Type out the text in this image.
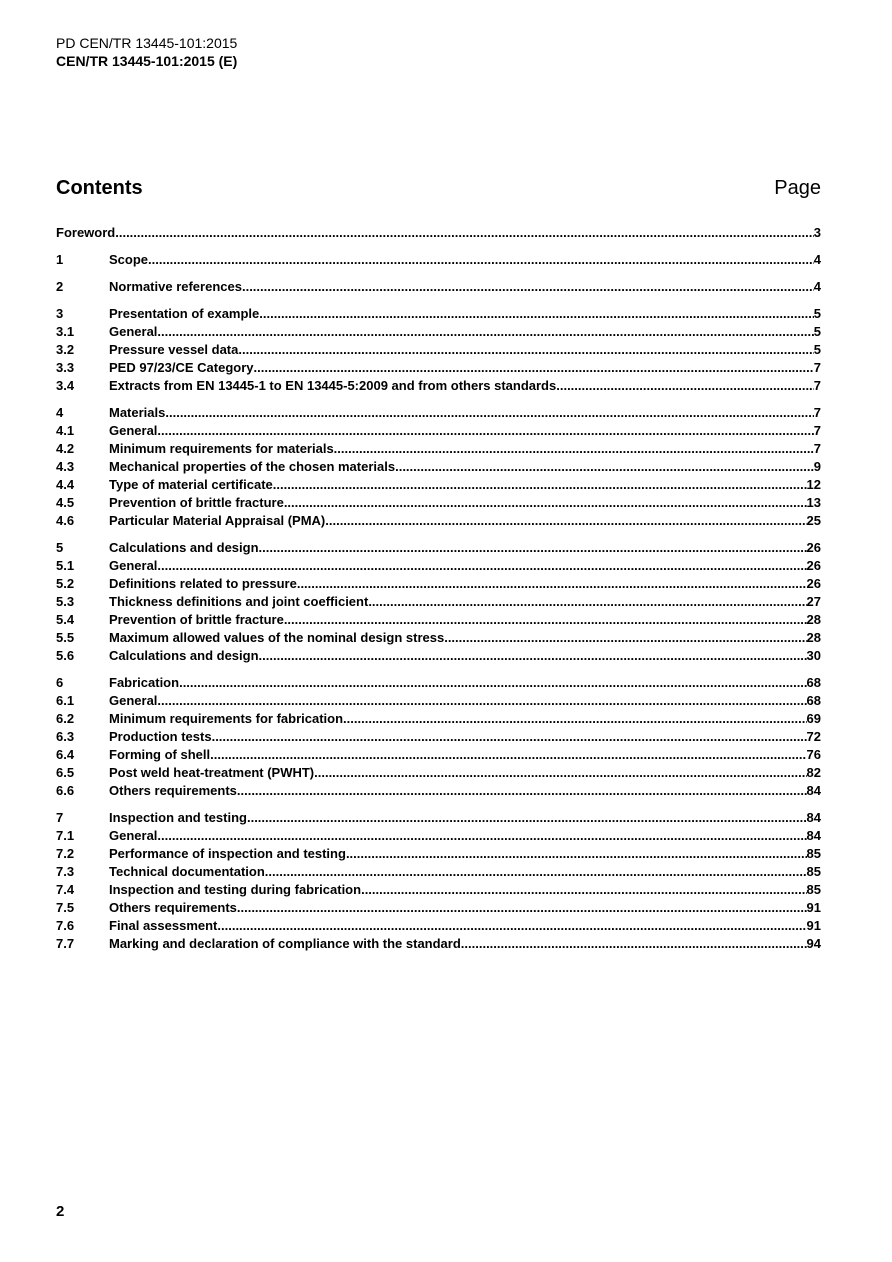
PD CEN/TR 13445-101:2015
CEN/TR 13445-101:2015 (E)
Contents	Page
Foreword .....	3
1	Scope .....	4
2	Normative references .....	4
3	Presentation of example .....	5
3.1	General .....	5
3.2	Pressure vessel data .....	5
3.3	PED 97/23/CE Category .....	7
3.4	Extracts from EN 13445-1 to EN 13445-5:2009 and from others standards .....	7
4	Materials .....	7
4.1	General .....	7
4.2	Minimum requirements for materials .....	7
4.3	Mechanical properties of the chosen materials .....	9
4.4	Type of material certificate .....	12
4.5	Prevention of brittle fracture .....	13
4.6	Particular Material Appraisal (PMA) .....	25
5	Calculations and design .....	26
5.1	General .....	26
5.2	Definitions related to pressure .....	26
5.3	Thickness definitions and joint coefficient .....	27
5.4	Prevention of brittle fracture .....	28
5.5	Maximum allowed values of the nominal design stress .....	28
5.6	Calculations and design .....	30
6	Fabrication .....	68
6.1	General .....	68
6.2	Minimum requirements for fabrication .....	69
6.3	Production tests .....	72
6.4	Forming of shell .....	76
6.5	Post weld heat-treatment (PWHT) .....	82
6.6	Others requirements .....	84
7	Inspection and testing .....	84
7.1	General .....	84
7.2	Performance of inspection and testing .....	85
7.3	Technical documentation .....	85
7.4	Inspection and testing during fabrication .....	85
7.5	Others requirements .....	91
7.6	Final assessment .....	91
7.7	Marking and declaration of compliance with the standard .....	94
2
